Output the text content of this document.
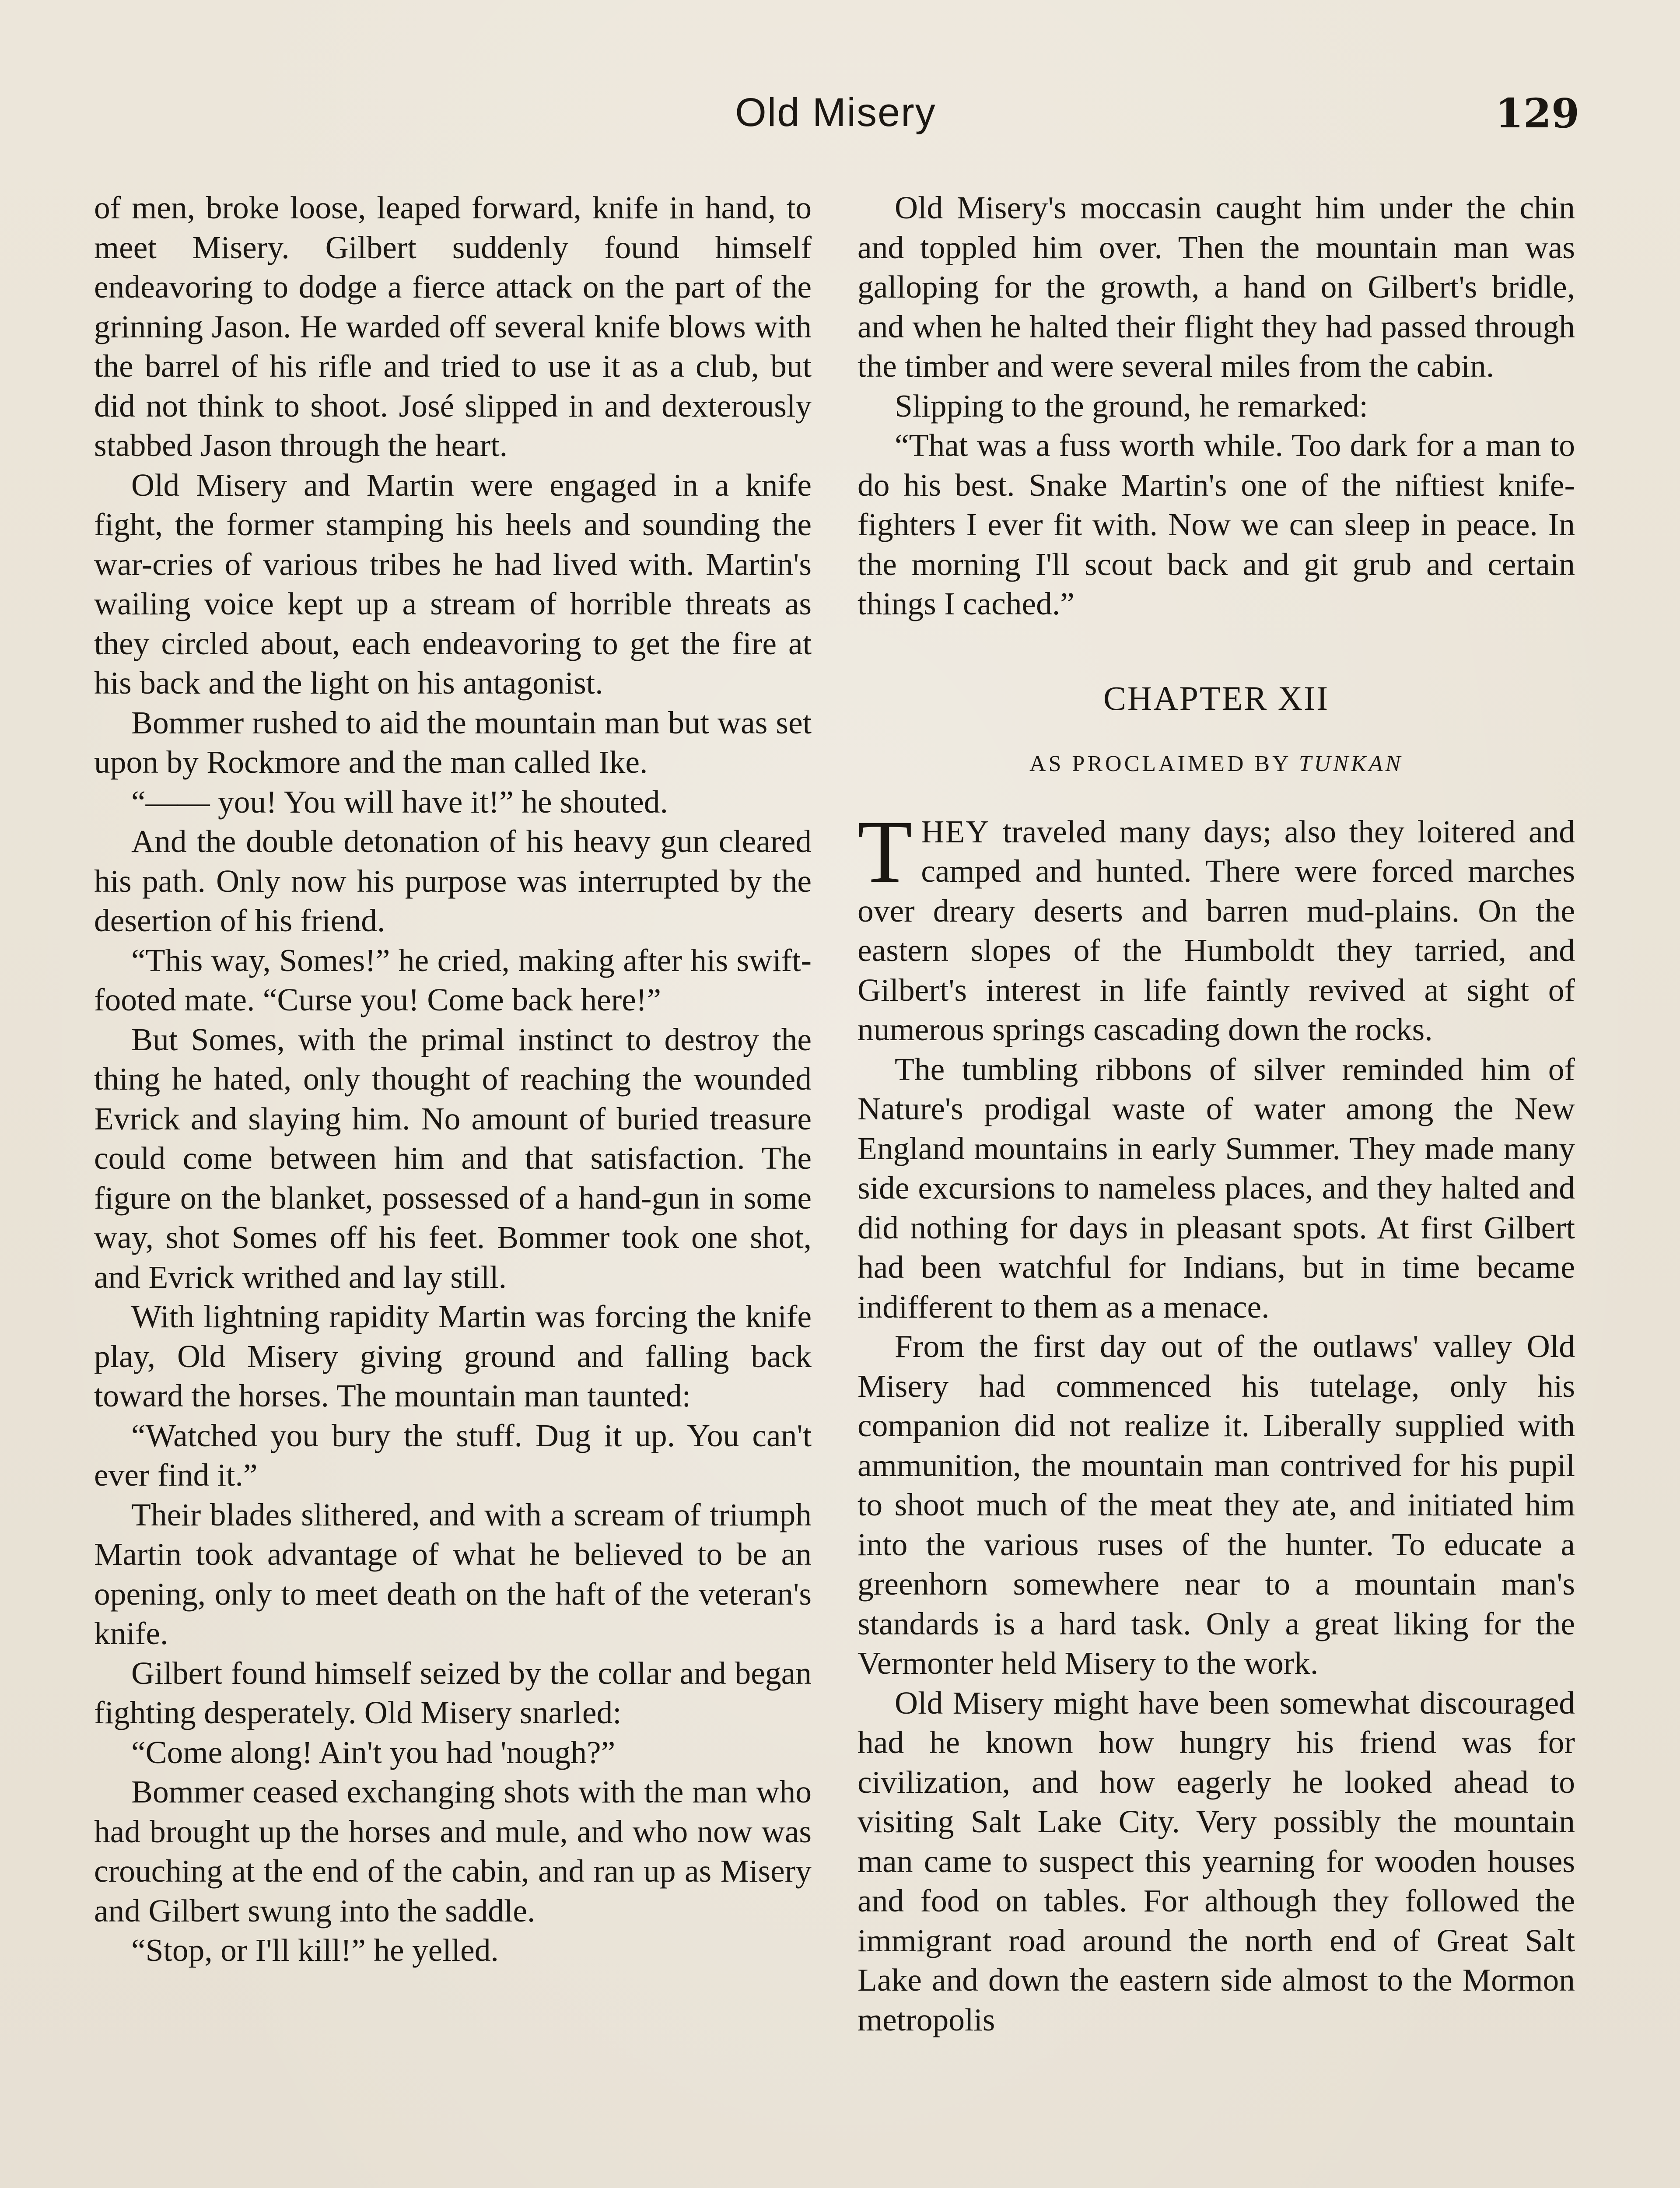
Old Misery	129

of men, broke loose, leaped forward, knife in hand, to meet Misery. Gilbert suddenly found himself endeavoring to dodge a fierce attack on the part of the grinning Jason. He warded off several knife blows with the barrel of his rifle and tried to use it as a club, but did not think to shoot. José slipped in and dexterously stabbed Jason through the heart.

Old Misery and Martin were engaged in a knife fight, the former stamping his heels and sounding the war-cries of various tribes he had lived with. Martin's wailing voice kept up a stream of horrible threats as they circled about, each endeavoring to get the fire at his back and the light on his antagonist.

Bommer rushed to aid the mountain man but was set upon by Rockmore and the man called Ike.

“—— you! You will have it!” he shouted.

And the double detonation of his heavy gun cleared his path. Only now his purpose was interrupted by the desertion of his friend.

“This way, Somes!” he cried, making after his swift-footed mate. “Curse you! Come back here!”

But Somes, with the primal instinct to destroy the thing he hated, only thought of reaching the wounded Evrick and slaying him. No amount of buried treasure could come between him and that satisfaction. The figure on the blanket, possessed of a hand-gun in some way, shot Somes off his feet. Bommer took one shot, and Evrick writhed and lay still.

With lightning rapidity Martin was forcing the knife play, Old Misery giving ground and falling back toward the horses. The mountain man taunted:

“Watched you bury the stuff. Dug it up. You can't ever find it.”

Their blades slithered, and with a scream of triumph Martin took advantage of what he believed to be an opening, only to meet death on the haft of the veteran's knife.

Gilbert found himself seized by the collar and began fighting desperately. Old Misery snarled:

“Come along! Ain't you had 'nough?”

Bommer ceased exchanging shots with the man who had brought up the horses and mule, and who now was crouching at the end of the cabin, and ran up as Misery and Gilbert swung into the saddle.

“Stop, or I'll kill!” he yelled.

Old Misery's moccasin caught him under the chin and toppled him over. Then the mountain man was galloping for the growth, a hand on Gilbert's bridle, and when he halted their flight they had passed through the timber and were several miles from the cabin.

Slipping to the ground, he remarked:

“That was a fuss worth while. Too dark for a man to do his best. Snake Martin's one of the niftiest knife-fighters I ever fit with. Now we can sleep in peace. In the morning I'll scout back and git grub and certain things I cached.”

CHAPTER XII
AS PROCLAIMED BY TUNKAN

THEY traveled many days; also they loitered and camped and hunted. There were forced marches over dreary deserts and barren mud-plains. On the eastern slopes of the Humboldt they tarried, and Gilbert's interest in life faintly revived at sight of numerous springs cascading down the rocks.

The tumbling ribbons of silver reminded him of Nature's prodigal waste of water among the New England mountains in early Summer. They made many side excursions to nameless places, and they halted and did nothing for days in pleasant spots. At first Gilbert had been watchful for Indians, but in time became indifferent to them as a menace.

From the first day out of the outlaws' valley Old Misery had commenced his tutelage, only his companion did not realize it. Liberally supplied with ammunition, the mountain man contrived for his pupil to shoot much of the meat they ate, and initiated him into the various ruses of the hunter. To educate a greenhorn somewhere near to a mountain man's standards is a hard task. Only a great liking for the Vermonter held Misery to the work.

Old Misery might have been somewhat discouraged had he known how hungry his friend was for civilization, and how eagerly he looked ahead to visiting Salt Lake City. Very possibly the mountain man came to suspect this yearning for wooden houses and food on tables. For although they followed the immigrant road around the north end of Great Salt Lake and down the eastern side almost to the Mormon metropolis
